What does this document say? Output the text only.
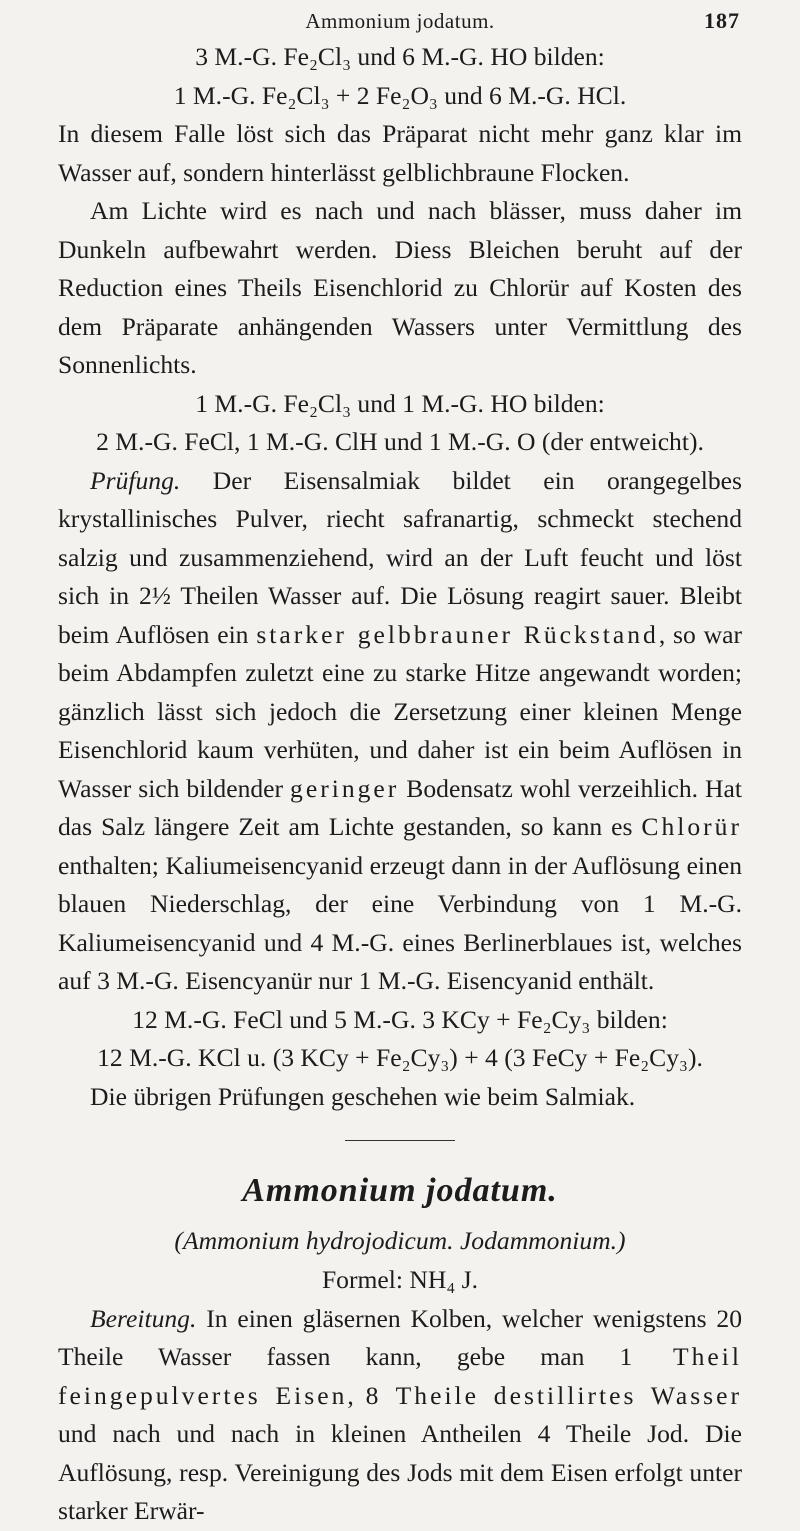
Ammonium jodatum.	187

3 M.-G. Fe₂Cl₃ und 6 M.-G. HO bilden:

1 M.-G. Fe₂Cl₃ + 2 Fe₂O₃ und 6 M.-G. HCl.

In diesem Falle löst sich das Präparat nicht mehr ganz klar im Wasser auf, sondern hinterlässt gelblichbraune Flocken.

Am Lichte wird es nach und nach blässer, muss daher im Dunkeln aufbewahrt werden. Diess Bleichen beruht auf der Reduction eines Theils Eisenchlorid zu Chlorür auf Kosten des dem Präparate anhängenden Wassers unter Vermittlung des Sonnenlichts.

1 M.-G. Fe₂Cl₃ und 1 M.-G. HO bilden:

2 M.-G. FeCl, 1 M.-G. ClH und 1 M.-G. O (der entweicht).

Prüfung. Der Eisensalmiak bildet ein orangegelbes krystallinisches Pulver, riecht safranartig, schmeckt stechend salzig und zusammenziehend, wird an der Luft feucht und löst sich in 2½ Theilen Wasser auf. Die Lösung reagirt sauer. Bleibt beim Auflösen ein starker gelbbrauner Rückstand, so war beim Abdampfen zuletzt eine zu starke Hitze angewandt worden; gänzlich lässt sich jedoch die Zersetzung einer kleinen Menge Eisenchlorid kaum verhüten, und daher ist ein beim Auflösen in Wasser sich bildender geringer Bodensatz wohl verzeihlich. Hat das Salz längere Zeit am Lichte gestanden, so kann es Chlorür enthalten; Kaliumeisencyanid erzeugt dann in der Auflösung einen blauen Niederschlag, der eine Verbindung von 1 M.-G. Kaliumeisencyanid und 4 M.-G. eines Berlinerblaues ist, welches auf 3 M.-G. Eisencyanür nur 1 M.-G. Eisencyanid enthält.

12 M.-G. FeCl und 5 M.-G. 3 KCy + Fe₂Cy₃ bilden:

12 M.-G. KCl u. (3 KCy + Fe₂Cy₃) + 4 (3 FeCy + Fe₂Cy₃).

Die übrigen Prüfungen geschehen wie beim Salmiak.

Ammonium jodatum.
(Ammonium hydrojodicum. Jodammonium.)

Formel: NH₄ J.

Bereitung. In einen gläsernen Kolben, welcher wenigstens 20 Theile Wasser fassen kann, gebe man 1 Theil feingepulvertes Eisen, 8 Theile destillirtes Wasser und nach und nach in kleinen Antheilen 4 Theile Jod. Die Auflösung, resp. Vereinigung des Jods mit dem Eisen erfolgt unter starker Erwär-
